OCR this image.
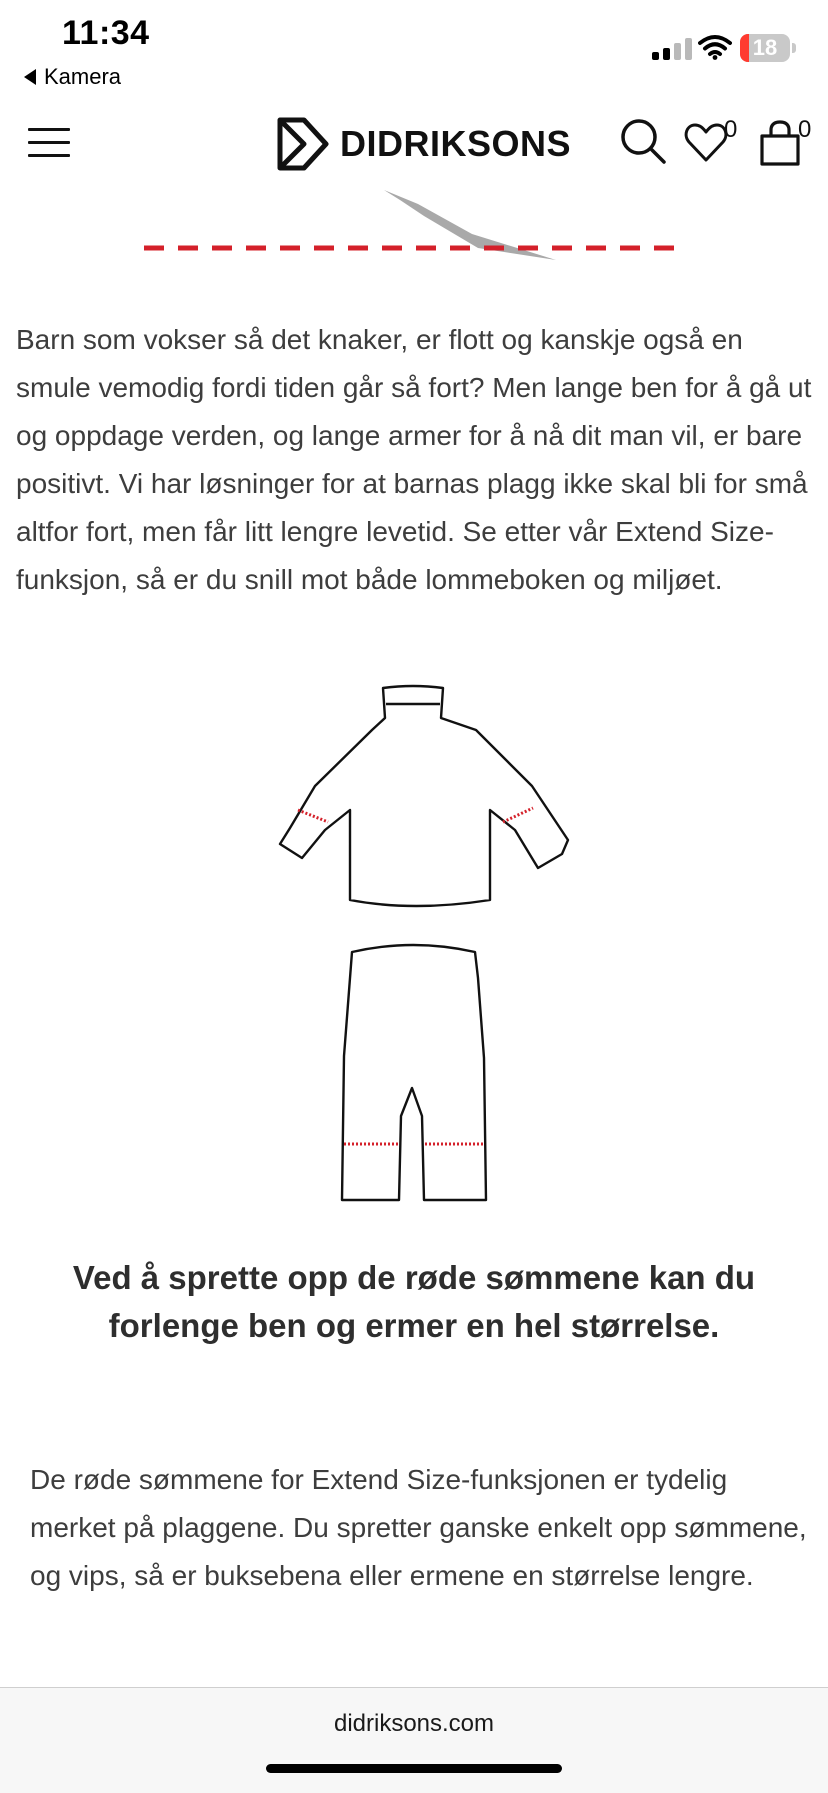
11:34
Kamera
18
DIDRIKSONS	0	0

Barn som vokser så det knaker, er flott og kanskje også en smule vemodig fordi tiden går så fort? Men lange ben for å gå ut og oppdage verden, og lange armer for å nå dit man vil, er bare positivt. Vi har løsninger for at barnas plagg ikke skal bli for små altfor fort, men får litt lengre levetid. Se etter vår Extend Size-funksjon, så er du snill mot både lommeboken og miljøet.

Ved å sprette opp de røde sømmene kan du forlenge ben og ermer en hel størrelse.

De røde sømmene for Extend Size-funksjonen er tydelig merket på plaggene. Du spretter ganske enkelt opp sømmene, og vips, så er buksebena eller ermene en størrelse lengre.

didriksons.com
